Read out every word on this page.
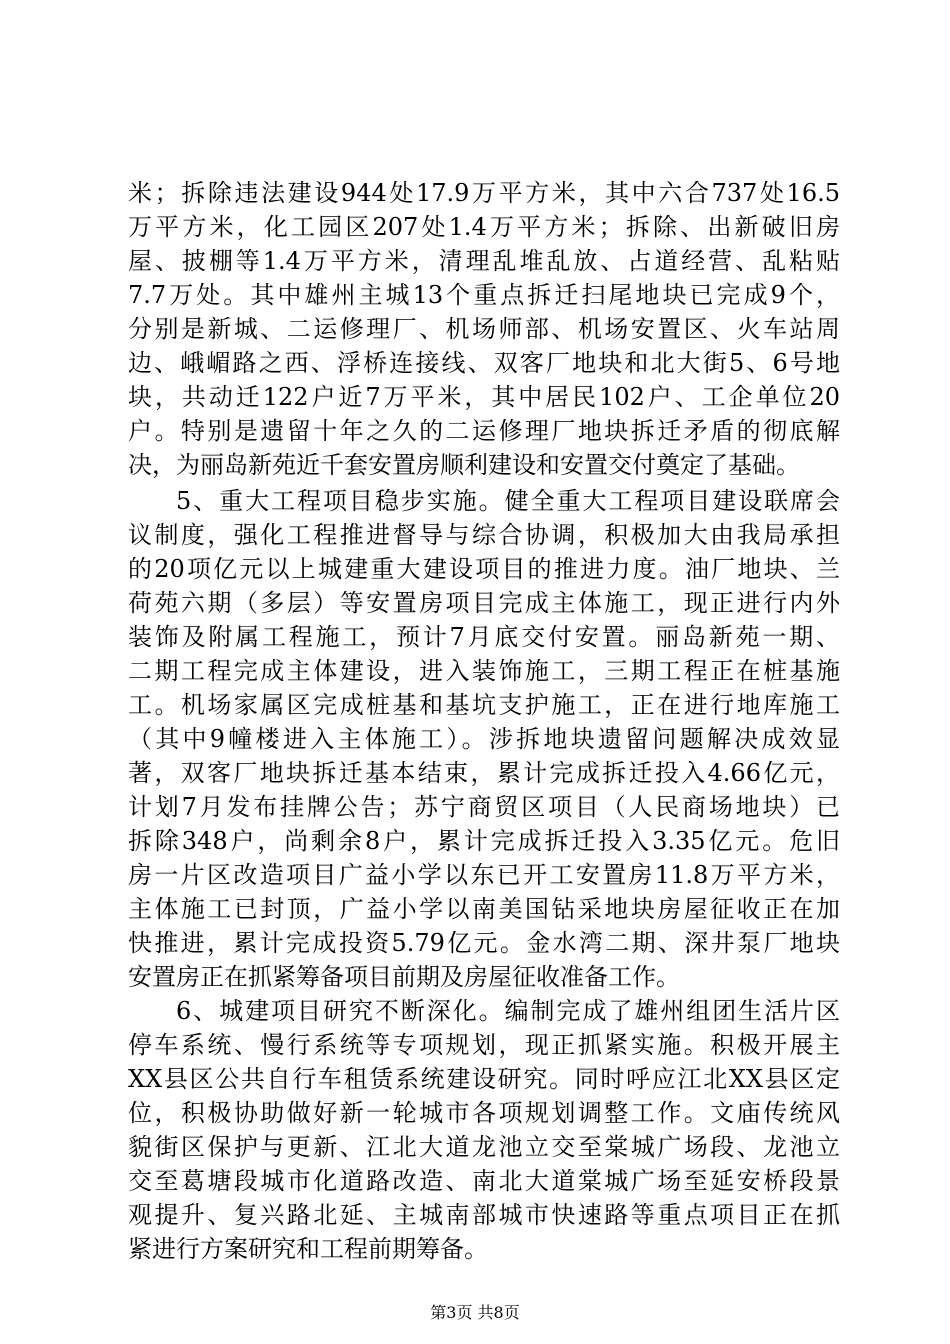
米；拆除违法建设944处17.9万平方米，其中六合737处16.5
万平方米，化工园区207处1.4万平方米；拆除、出新破旧房
屋、披棚等1.4万平方米，清理乱堆乱放、占道经营、乱粘贴
7.7万处。其中雄州主城13个重点拆迁扫尾地块已完成9个，
分别是新城、二运修理厂、机场师部、机场安置区、火车站周
边、峨嵋路之西、浮桥连接线、双客厂地块和北大街5、6号地
块，共动迁122户近7万平米，其中居民102户、工企单位20
户。特别是遗留十年之久的二运修理厂地块拆迁矛盾的彻底解
决，为丽岛新苑近千套安置房顺利建设和安置交付奠定了基础。
5、重大工程项目稳步实施。健全重大工程项目建设联席会
议制度，强化工程推进督导与综合协调，积极加大由我局承担
的20项亿元以上城建重大建设项目的推进力度。油厂地块、兰
荷苑六期（多层）等安置房项目完成主体施工，现正进行内外
装饰及附属工程施工，预计7月底交付安置。丽岛新苑一期、
二期工程完成主体建设，进入装饰施工，三期工程正在桩基施
工。机场家属区完成桩基和基坑支护施工，正在进行地库施工
（其中9幢楼进入主体施工）。涉拆地块遗留问题解决成效显
著，双客厂地块拆迁基本结束，累计完成拆迁投入4.66亿元，
计划7月发布挂牌公告；苏宁商贸区项目（人民商场地块）已
拆除348户，尚剩余8户，累计完成拆迁投入3.35亿元。危旧
房一片区改造项目广益小学以东已开工安置房11.8万平方米，
主体施工已封顶，广益小学以南美国钻采地块房屋征收正在加
快推进，累计完成投资5.79亿元。金水湾二期、深井泵厂地块
安置房正在抓紧筹备项目前期及房屋征收准备工作。
6、城建项目研究不断深化。编制完成了雄州组团生活片区
停车系统、慢行系统等专项规划，现正抓紧实施。积极开展主
XX县区公共自行车租赁系统建设研究。同时呼应江北XX县区定
位，积极协助做好新一轮城市各项规划调整工作。文庙传统风
貌街区保护与更新、江北大道龙池立交至棠城广场段、龙池立
交至葛塘段城市化道路改造、南北大道棠城广场至延安桥段景
观提升、复兴路北延、主城南部城市快速路等重点项目正在抓
紧进行方案研究和工程前期筹备。
第3页 共8页
